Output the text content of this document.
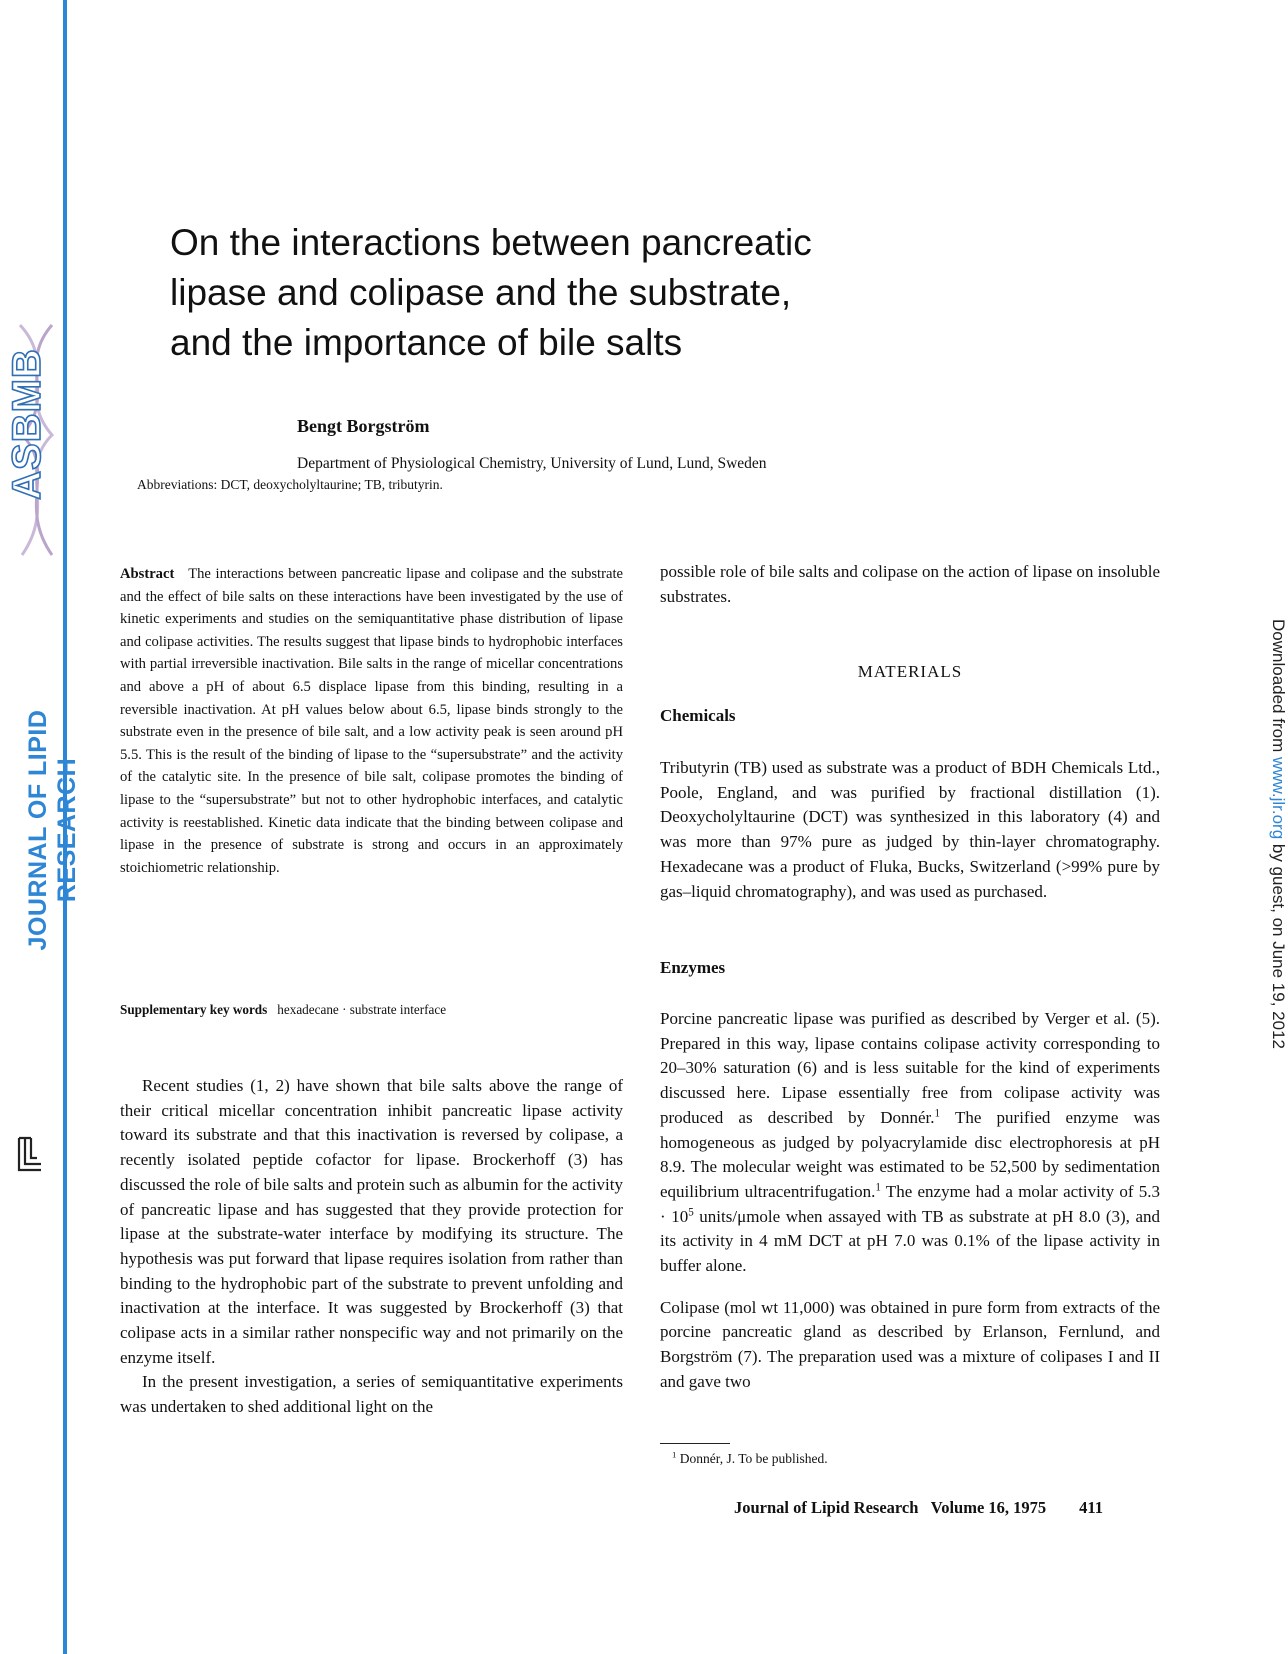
ASBMB
JOURNAL OF LIPID RESEARCH
Downloaded from www.jlr.org by guest, on June 19, 2012
On the interactions between pancreatic
lipase and colipase and the substrate,
and the importance of bile salts
Bengt Borgström
Department of Physiological Chemistry, University of Lund, Lund, Sweden
Abbreviations: DCT, deoxycholyltaurine; TB, tributyrin.
Abstract The interactions between pancreatic lipase and colipase and the substrate and the effect of bile salts on these interactions have been investigated by the use of kinetic experiments and studies on the semiquantitative phase distribution of lipase and colipase activities. The results suggest that lipase binds to hydrophobic interfaces with partial irreversible inactivation. Bile salts in the range of micellar concentrations and above a pH of about 6.5 displace lipase from this binding, resulting in a reversible inactivation. At pH values below about 6.5, lipase binds strongly to the substrate even in the presence of bile salt, and a low activity peak is seen around pH 5.5. This is the result of the binding of lipase to the “supersubstrate” and the activity of the catalytic site. In the presence of bile salt, colipase promotes the binding of lipase to the “supersubstrate” but not to other hydrophobic interfaces, and catalytic activity is reestablished. Kinetic data indicate that the binding between colipase and lipase in the presence of substrate is strong and occurs in an approximately stoichiometric relationship.
Supplementary key words hexadecane · substrate interface

Recent studies (1, 2) have shown that bile salts above the range of their critical micellar concentration inhibit pancreatic lipase activity toward its substrate and that this inactivation is reversed by colipase, a recently isolated peptide cofactor for lipase. Brockerhoff (3) has discussed the role of bile salts and protein such as albumin for the activity of pancreatic lipase and has suggested that they provide protection for lipase at the substrate-water interface by modifying its structure. The hypothesis was put forward that lipase requires isolation from rather than binding to the hydrophobic part of the substrate to prevent unfolding and inactivation at the interface. It was suggested by Brockerhoff (3) that colipase acts in a similar rather nonspecific way and not primarily on the enzyme itself.

In the present investigation, a series of semiquantitative experiments was undertaken to shed additional light on the

possible role of bile salts and colipase on the action of lipase on insoluble substrates.

MATERIALS
Chemicals

Tributyrin (TB) used as substrate was a product of BDH Chemicals Ltd., Poole, England, and was purified by fractional distillation (1). Deoxycholyltaurine (DCT) was synthesized in this laboratory (4) and was more than 97% pure as judged by thin-layer chromatography. Hexadecane was a product of Fluka, Bucks, Switzerland (>99% pure by gas–liquid chromatography), and was used as purchased.

Enzymes

Porcine pancreatic lipase was purified as described by Verger et al. (5). Prepared in this way, lipase contains colipase activity corresponding to 20–30% saturation (6) and is less suitable for the kind of experiments discussed here. Lipase essentially free from colipase activity was produced as described by Donnér.$^1$ The purified enzyme was homogeneous as judged by polyacrylamide disc electrophoresis at pH 8.9. The molecular weight was estimated to be 52,500 by sedimentation equilibrium ultracentrifugation.$^1$ The enzyme had a molar activity of $5.3 \cdot 10^5$ units/μmole when assayed with TB as substrate at pH 8.0 (3), and its activity in 4 mM DCT at pH 7.0 was 0.1% of the lipase activity in buffer alone.

Colipase (mol wt 11,000) was obtained in pure form from extracts of the porcine pancreatic gland as described by Erlanson, Fernlund, and Borgström (7). The preparation used was a mixture of colipases I and II and gave two

$^1$ Donnér, J. To be published.
Journal of Lipid Research Volume 16, 1975 411
